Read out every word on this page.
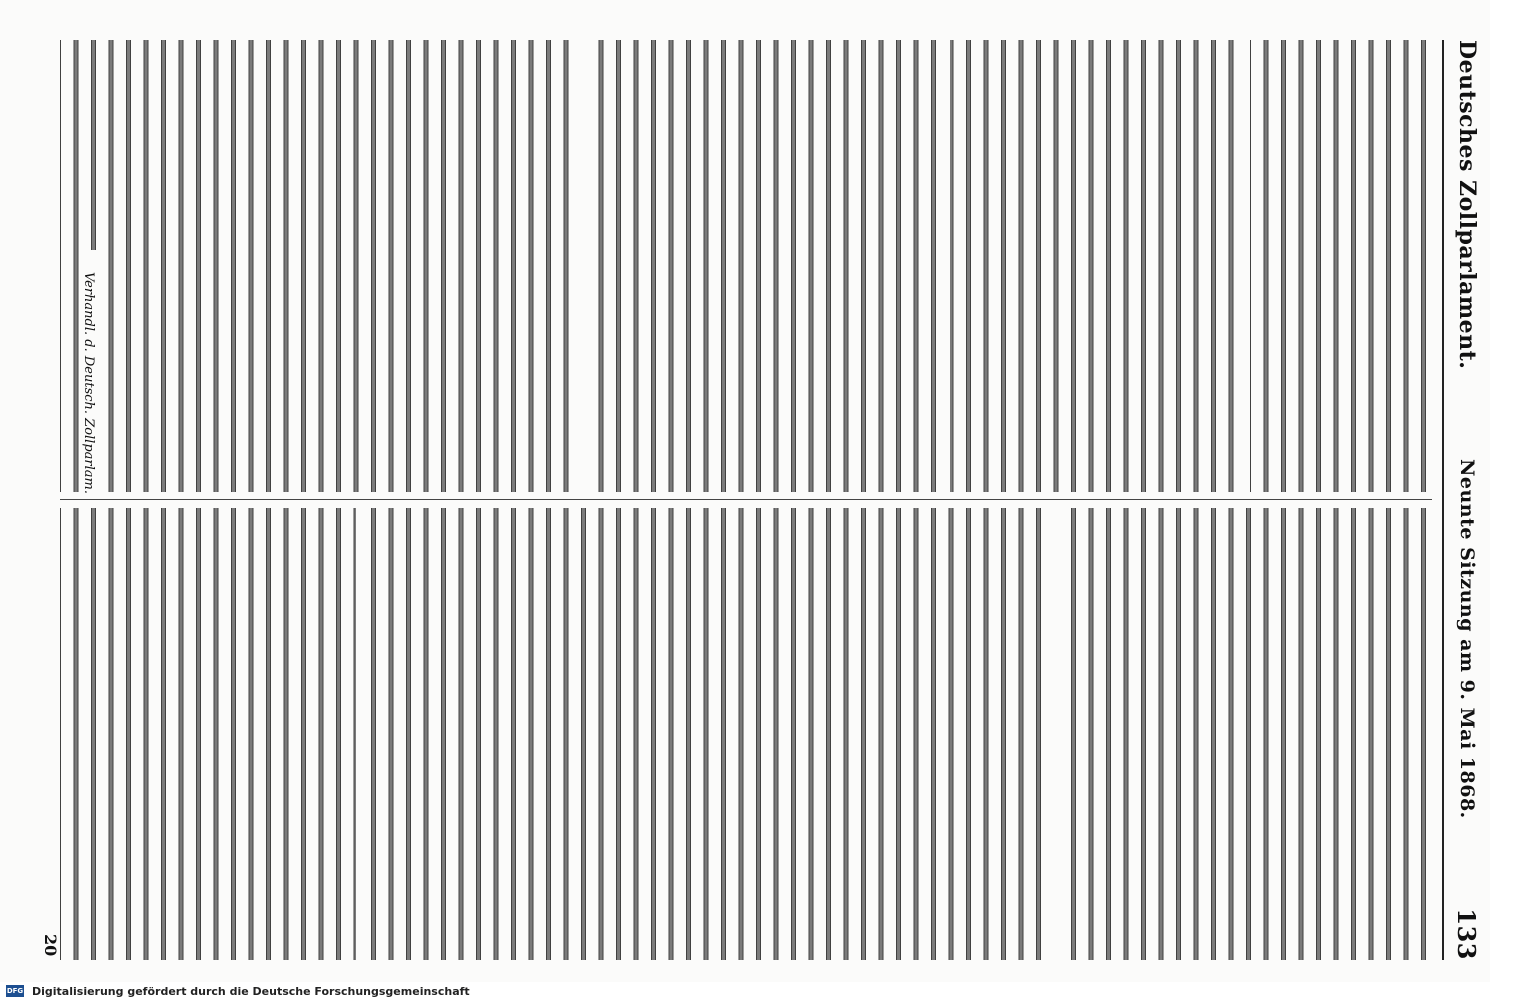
Deutsches Zollparlament.
Neunte Sitzung am 9. Mai 1868.
133
Verhandl. d. Deutsch. Zollparlam.
20
DFG Digitalisierung gefördert durch die Deutsche Forschungsgemeinschaft
